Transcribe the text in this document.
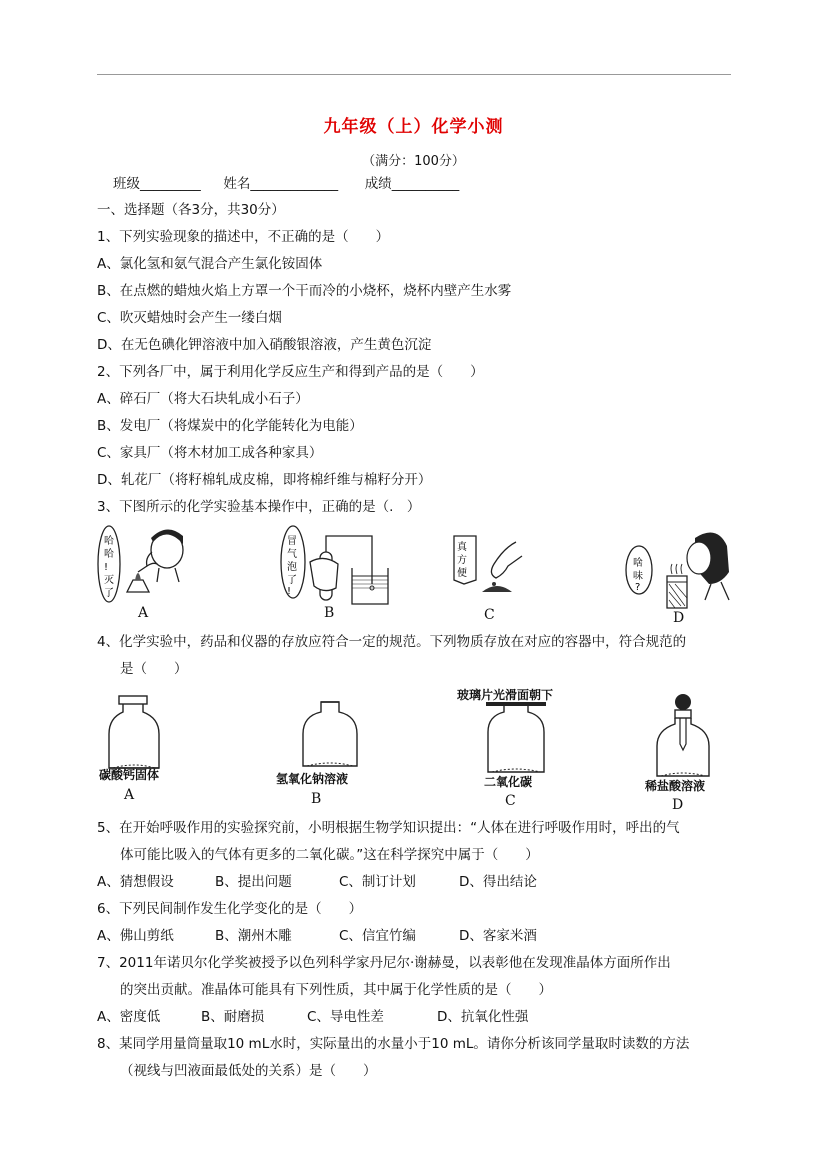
九年级（上）化学小测
（满分：100分）
班级_________ 姓名_____________ 成绩__________
一、选择题（各3分，共30分）
1、下列实验现象的描述中，不正确的是（　　）
A、氯化氢和氨气混合产生氯化铵固体
B、在点燃的蜡烛火焰上方罩一个干而冷的小烧杯，烧杯内壁产生水雾
C、吹灭蜡烛时会产生一缕白烟
D、在无色碘化钾溶液中加入硝酸银溶液，产生黄色沉淀
2、下列各厂中，属于利用化学反应生产和得到产品的是（　　）
A、碎石厂（将大石块轧成小石子）
B、发电厂（将煤炭中的化学能转化为电能）
C、家具厂（将木材加工成各种家具）
D、轧花厂（将籽棉轧成皮棉，即将棉纤维与棉籽分开）
3、下图所示的化学实验基本操作中，正确的是（.　）
哈
哈
!
灭
了
A
冒
气
泡
了
!
B
真
方
便
C
啥
味
?
D
4、化学实验中，药品和仪器的存放应符合一定的规范。下列物质存放在对应的容器中，符合规范的
是（　　）
碳酸钙固体
A
氢氧化钠溶液
B
玻璃片光滑面朝下
二氧化碳
C
稀盐酸溶液
D
5、在开始呼吸作用的实验探究前，小明根据生物学知识提出：“人体在进行呼吸作用时，呼出的气
体可能比吸入的气体有更多的二氧化碳。”这在科学探究中属于（　　）
A、猜想假设	B、提出问题	C、制订计划	D、得出结论
6、下列民间制作发生化学变化的是（　　）
A、佛山剪纸	B、潮州木雕	C、信宜竹编	D、客家米酒
7、2011年诺贝尔化学奖被授予以色列科学家丹尼尔·谢赫曼，以表彰他在发现准晶体方面所作出
的突出贡献。准晶体可能具有下列性质，其中属于化学性质的是（　　）
A、密度低	B、耐磨损	C、导电性差	D、抗氧化性强
8、某同学用量筒量取10 mL水时，实际量出的水量小于10 mL。请你分析该同学量取时读数的方法
（视线与凹液面最低处的关系）是（　　）
